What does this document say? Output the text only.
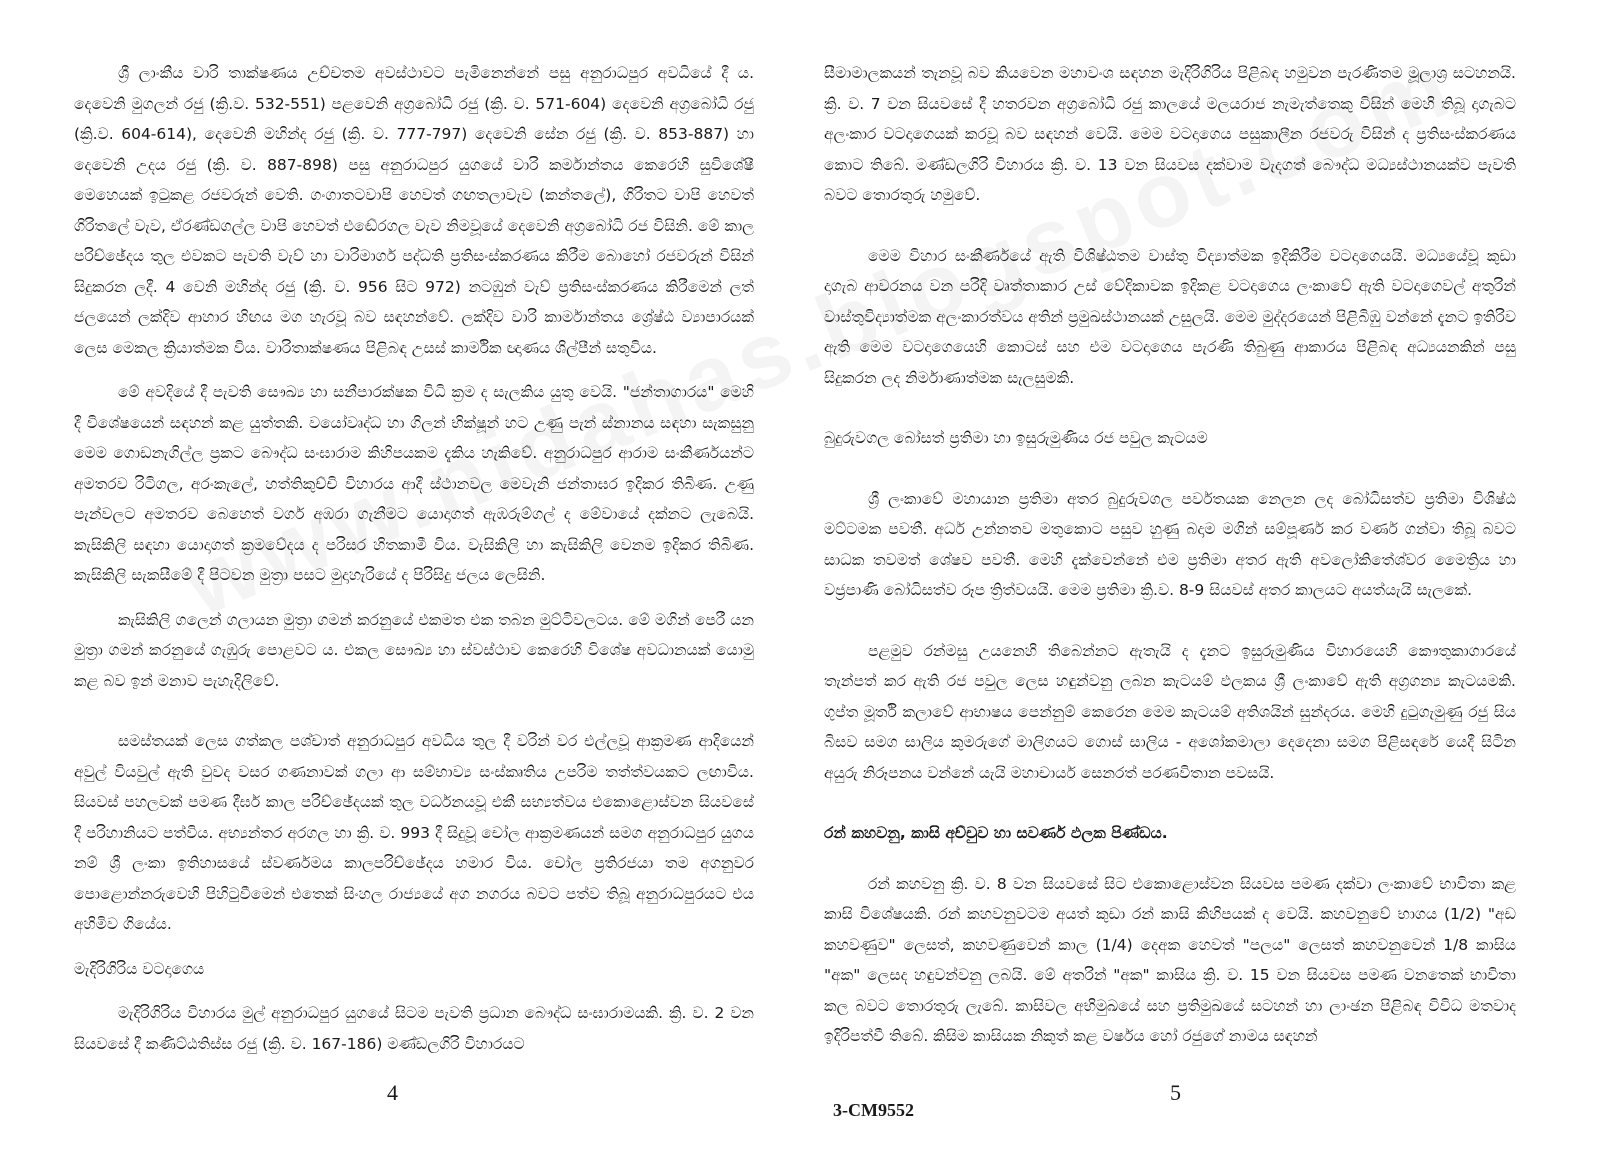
ශ්‍රී ලාංකීය වාරි තාක්ෂණය උච්චතම අවස්ථාවට පැමිනෙන්නේ පසු අනුරාධපුර අවධියේ දී ය. දෙවෙනි මුගලන් රජු (ක්‍රි.ව. 532-551) පළවෙනි අග්‍රබෝධි රජු (ක්‍රි. ව. 571-604) දෙවෙනි අග්‍රබෝධි රජු (ක්‍රි.ව. 604-614), දෙවෙනි මහින්ද රජු (ක්‍රි. ව. 777-797) දෙවෙනි සේන රජු (ක්‍රි. ව. 853-887) හා දෙවෙනි උදය රජු (ක්‍රි. ව. 887-898) පසු අනුරාධපුර යුගයේ වාරි කර්මාන්තය කෙරෙහි සුවිශේෂී මෙහෙයක් ඉටුකළ රජවරුන් වෙති. ගංගාතටවාපි හෙවත් ගඟතලාවැව (කන්තලේ), ගිරිතට වාපි හෙවත් ගිරිතලේ වැව, ඒරණ්ඩගල්ල වාපි හෙවත් එඬේරගල වැව නිමවූයේ දෙවෙනි අග්‍රබෝධි රජ විසිනි. මේ කාල පරිච්ඡේදය තුල එවකට පැවති වැව් හා වාරිමාර්ග පද්ධති ප්‍රතිසංස්කරණය කිරීම බොහෝ රජවරුන් විසින් සිදුකරන ලදී. 4 වෙනි මහින්ද රජු (ක්‍රි. ව. 956 සිට 972) නටඹුන් වැව් ප්‍රතිසංස්කරණය කිරීමෙන් ලත් ජලයෙන් ලක්දිව ආහාර හිඟය මග හැරවූ බව සඳහන්වේ. ලක්දිව වාරි කාර්මාන්තය ශ්‍රේෂ්ඨ ව්‍යාපාරයක් ලෙස මෙකල ක්‍රියාත්මක විය. වාරිතාක්ෂණය පිළිබඳ උසස් කාර්මික ඥාණය ශිල්පීන් සතුවිය.

මේ අවදියේ දී පැවති සෞඛ්‍ය හා සනීපාරක්ෂක විධි ක්‍රම ද සැලකිය යුතු වෙයි. "ජන්තාගාරය" මෙහි දී විශේෂයෙන් සඳහන් කළ යුත්තකි. වයෝවෘද්ධ හා ගිලන් භික්ෂූන් හට උණු පැන් ස්නානය සඳහා සැකසුනු මෙම ගොඩනැගිල්ල ප්‍රකට බෞද්ධ සංඝාරාම කිහිපයකම දැකිය හැකිවේ. අනුරාධපුර ආරාම සංකීර්ණයන්ට අමතරව රිටිගල, අරංකැලේ, හත්තිකුච්චි විහාරය ආදී ස්ථානවල මෙවැනි ජන්තාඝර ඉදිකර තිබිණ. උණු පැන්වලට අමතරව බෙහෙත් වර්ග අඹරා ගැනීමට යොදාගත් ඇඹරුම්ගල් ද මේවායේ දක්නට ලැබෙයි. කැසිකිලි සඳහා යොදාගත් ක්‍රමවේදය ද පරිසර හිතකාමී විය. වැසිකිලි හා කැසිකිලි වෙනම ඉදිකර තිබිණ. කැසිකිලි සැකසීමේ දී පිටවන මුත්‍රා පසට මුදාහැරියේ ද පිරිසිදු ජලය ලෙසිනි.

කැසිකිලි ගලෙන් ගලායන මුත්‍රා ගමන් කරනුයේ එකමත එක තබන මුට්ටිවලටය. මේ මගින් පෙරී යන මුත්‍රා ගමන් කරනුයේ ගැඹුරු පොළවට ය. එකල සෞඛ්‍ය හා ස්වස්ථාව කෙරෙහි විශේෂ අවධානයක් යොමු කළ බව ඉන් මනාව පැහැදිලිවේ.

සමස්තයක් ලෙස ගත්කල පශ්චාත් අනුරාධපුර අවධිය තුල දී වරින් වර එල්ලවූ ආක්‍රමණ ආදියෙන් අවුල් වියවුල් ඇති වුවද වසර ගණනාවක් ගලා ආ සම්භාව්‍ය සංස්කෘතිය උපරිම තත්ත්වයකට ලඟාවිය. සියවස් පහලවක් පමණ දීර්ඝ කාල පරිච්ඡේදයක් තුල වර්ධනයවූ එකී සභ්‍යත්වය එකොළොස්වන සියවසේ දී පරිහානියට පත්විය. අභ්‍යන්තර අරගල හා ක්‍රි. ව. 993 දී සිදුවූ චෝල ආක්‍රමණයන් සමග අනුරාධපුර යුගය නම් ශ්‍රී ලංකා ඉතිහාසයේ ස්වර්ණමය කාලපරිච්ඡේදය හමාර විය. චෝල ප්‍රතිරජයා තම අගනුවර පොළොන්නරුවෙහි පිහිටුවීමෙන් එතෙක් සිංහල රාජ්‍යයේ අග නගරය බවට පත්ව තිබූ අනුරාධපුරයට එය අහිමිව ගියේය.

මැදිරිගිරිය වටදාගෙය

මැදිරිගිරිය විහාරය මුල් අනුරාධපුර යුගයේ සිටම පැවති ප්‍රධාන බෞද්ධ සංඝාරාමයකි. ක්‍රි. ව. 2 වන සියවසේ දී කණිට්ඨතිස්ස රජු (ක්‍රි. ව. 167-186) මණ්ඩලගිරි විහාරයට

සීමාමාලකයන් තැනවූ බව කියවෙන මහාවංශ සඳහන මැදිරිගිරිය පිළිබඳ හමුවන පැරණිතම මූලාශ්‍ර සටහනයි. ක්‍රි. ව. 7 වන සියවසේ දී හතරවන අග්‍රබෝධි රජු කාලයේ මලයරාජ නැමැත්තෙකු විසින් මෙහි තිබූ දාගැබට අලංකාර වටදාගෙයක් කරවූ බව සඳහන් වෙයි. මෙම වටදාගෙය පසුකාලීන රජවරු විසින් ද ප්‍රතිසංස්කරණය කොට තිබේ. මණ්ඩලගිරි විහාරය ක්‍රි. ව. 13 වන සියවස දක්වාම වැදගත් බෞද්ධ මධ්‍යස්ථානයක්ව පැවති බවට තොරතුරු හමුවේ.

මෙම විහාර සංකීර්ණයේ ඇති විශිෂ්ඨතම වාස්තු විද්‍යාත්මක ඉදිකිරීම වටදාගෙයයි. මධ්‍යයේවූ කුඩා දාගැබ ආවරනය වන පරිදි වෘත්තාකාර උස් වේදිකාවක ඉදිකළ වටදාගෙය ලංකාවේ ඇති වටදාගෙවල් අතුරින් වාස්තුවිද්‍යාත්මක අලංකාරත්වය අතින් ප්‍රමුඛස්ථානයක් උසුලයි. මෙම මුද්දරයෙන් පිළිබිඹු වන්නේ දැනට ඉතිරිව ඇති මෙම වටදාගෙයෙහි කොටස් සහ එම වටදාගෙය පැරණි තිබුණු ආකාරය පිළිබඳ අධ්‍යයනකින් පසු සිදුකරන ලද නිර්මාණාත්මක සැලසුමකි.

බුදුරුවගල බෝසත් ප්‍රතිමා හා ඉසුරුමුණිය රජ පවුල කැටයම

ශ්‍රී ලංකාවේ මහායාන ප්‍රතිමා අතර බුදුරුවගල පර්වතයක නෙලන ලද බෝධිසත්ව ප්‍රතිමා විශිෂ්ඨ මට්ටමක පවතී. අර්ධ උන්නතව මතුකොට පසුව හුණු බදාම මගින් සම්පූර්ණ කර වර්ණ ගන්වා තිබූ බවට සාධක තවමත් ශේෂව පවතී. මෙහි දැක්වෙන්නේ එම ප්‍රතිමා අතර ඇති අවලෝකිතේශ්වර මෛත්‍රිය හා වජ්‍රපාණි බෝධිසත්ව රූප ත්‍රිත්වයයි. මෙම ප්‍රතිමා ක්‍රි.ව. 8-9 සියවස් අතර කාලයට අයත්යැයි සැලකේ.

පළමුව රන්මසු උයනෙහි තිබෙන්නට ඇතැයි ද දැනට ඉසුරුමුණිය විහාරයෙහි කෞතුකාගාරයේ තැන්පත් කර ඇති රජ පවුල ලෙස හඳුන්වනු ලබන කැටයම් ඵලකය ශ්‍රී ලංකාවේ ඇති අග්‍රගන්‍ය කැටයමකි. ගුප්ත මූර්ති කලාවේ ආභාෂය පෙන්නුම් කෙරෙන මෙම කැටයම් අතිශයින් සුන්දරය. මෙහි දුටුගැමුණු රජු සිය බිසව සමග සාලිය කුමරුගේ මාලිගයට ගොස් සාලිය - අශෝකමාලා දෙදෙනා සමග පිළිසඳරේ යෙදී සිටින අයුරු නිරූපනය වන්නේ යැයි මහාචාර්ය සෙනරත් පරණවිතාන පවසයි.

රන් කහවනු, කාසි අච්චුව හා සවර්ණ ඵලක පිණ්ඩය.

රන් කහවනු ක්‍රි. ව. 8 වන සියවසේ සිට එකොළොස්වන සියවස පමණ දක්වා ලංකාවේ භාවිතා කළ කාසි විශේෂයකි. රන් කහවනුවටම අයත් කුඩා රන් කාසි කිහිපයක් ද වෙයි. කහවනුවේ භාගය (1/2) "අඩ කහවණුව" ලෙසත්, කහවණුවෙන් කාල (1/4) දෙඅක හෙවත් "පලය" ලෙසත් කහවනුවෙන් 1/8 කාසිය "අක" ලෙසද හඳුවන්වනු ලබයි. මේ අතරින් "අක" කාසිය ක්‍රි. ව. 15 වන සියවස පමණ වනතෙක් භාවිතා කල බවට තොරතුරු ලැබේ. කාසිවල අභිමුඛයේ සහ ප්‍රතිමුඛයේ සටහන් හා ලාංඡන පිළිබඳ විවිධ මතවාද ඉදිරිපත්වී තිබේ. කිසිම කාසියක නිකුත් කළ වර්ෂය හෝ රජුගේ නාමය සඳහන්

4	5
3-CM9552
